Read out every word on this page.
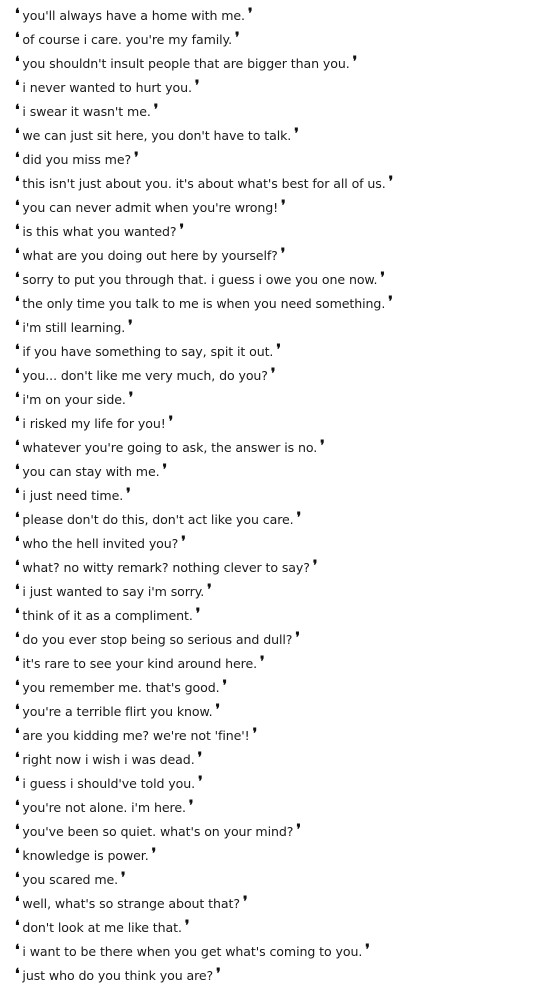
❛ you'll always have a home with me. ❜
❛ of course i care. you're my family. ❜
❛ you shouldn't insult people that are bigger than you. ❜
❛ i never wanted to hurt you. ❜
❛ i swear it wasn't me. ❜
❛ we can just sit here, you don't have to talk. ❜
❛ did you miss me? ❜
❛ this isn't just about you. it's about what's best for all of us. ❜
❛ you can never admit when you're wrong! ❜
❛ is this what you wanted? ❜
❛ what are you doing out here by yourself? ❜
❛ sorry to put you through that. i guess i owe you one now. ❜
❛ the only time you talk to me is when you need something. ❜
❛ i'm still learning. ❜
❛ if you have something to say, spit it out. ❜
❛ you... don't like me very much, do you? ❜
❛ i'm on your side. ❜
❛ i risked my life for you! ❜
❛ whatever you're going to ask, the answer is no. ❜
❛ you can stay with me. ❜
❛ i just need time. ❜
❛ please don't do this, don't act like you care. ❜
❛ who the hell invited you? ❜
❛ what? no witty remark? nothing clever to say? ❜
❛ i just wanted to say i'm sorry. ❜
❛ think of it as a compliment. ❜
❛ do you ever stop being so serious and dull? ❜
❛ it's rare to see your kind around here. ❜
❛ you remember me. that's good. ❜
❛ you're a terrible flirt you know. ❜
❛ are you kidding me? we're not 'fine'! ❜
❛ right now i wish i was dead. ❜
❛ i guess i should've told you. ❜
❛ you're not alone. i'm here. ❜
❛ you've been so quiet. what's on your mind? ❜
❛ knowledge is power. ❜
❛ you scared me. ❜
❛ well, what's so strange about that? ❜
❛ don't look at me like that. ❜
❛ i want to be there when you get what's coming to you. ❜
❛ just who do you think you are? ❜
